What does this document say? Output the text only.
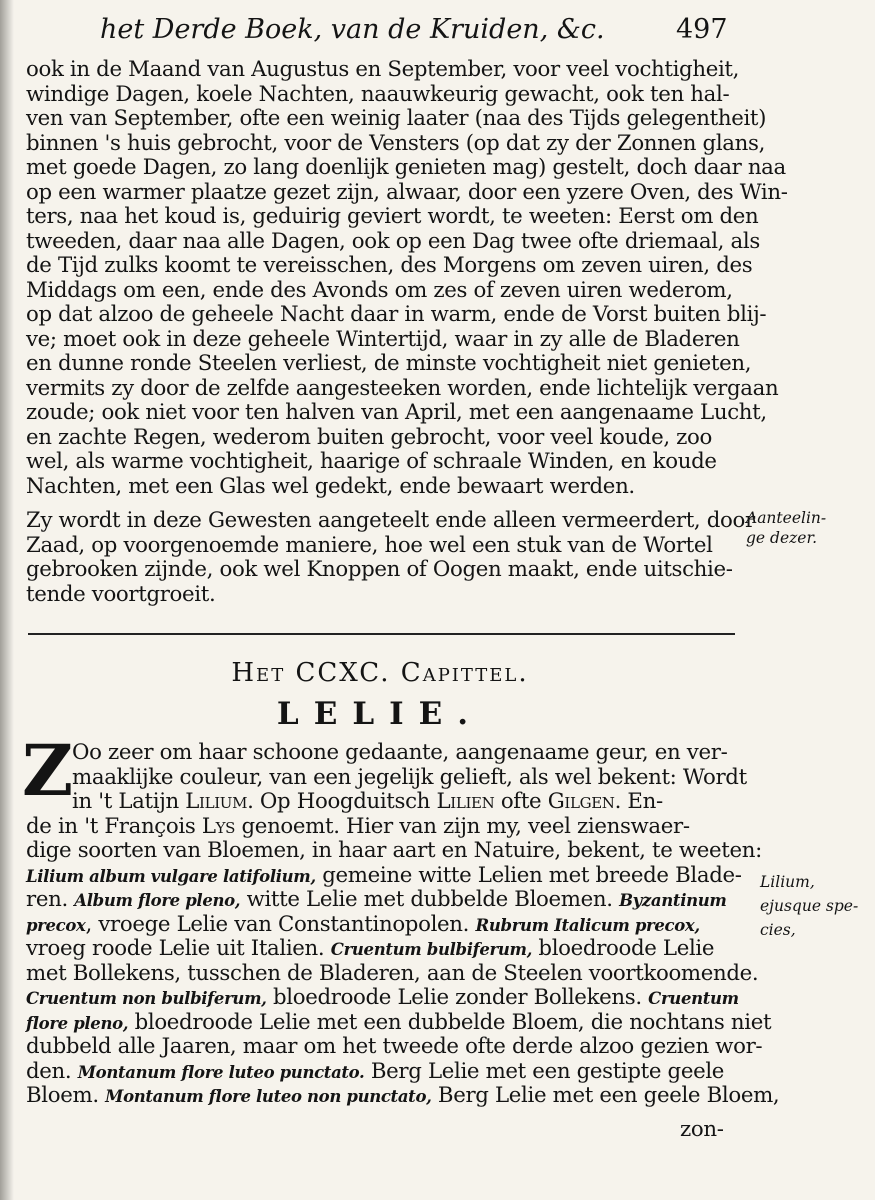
het Derde Boek, van de Kruiden, &c.	497
ook in de Maand van Augustus en September, voor veel vochtigheit,
windige Dagen, koele Nachten, naauwkeurig gewacht, ook ten hal-
ven van September, ofte een weinig laater (naa des Tijds gelegentheit)
binnen 's huis gebrocht, voor de Vensters (op dat zy der Zonnen glans,
met goede Dagen, zo lang doenlijk genieten mag) gestelt, doch daar naa
op een warmer plaatze gezet zijn, alwaar, door een yzere Oven, des Win-
ters, naa het koud is, geduirig geviert wordt, te weeten: Eerst om den
tweeden, daar naa alle Dagen, ook op een Dag twee ofte driemaal, als
de Tijd zulks koomt te vereisschen, des Morgens om zeven uiren, des
Middags om een, ende des Avonds om zes of zeven uiren wederom,
op dat alzoo de geheele Nacht daar in warm, ende de Vorst buiten blij-
ve; moet ook in deze geheele Wintertijd, waar in zy alle de Bladeren
en dunne ronde Steelen verliest, de minste vochtigheit niet genieten,
vermits zy door de zelfde aangesteeken worden, ende lichtelijk vergaan
zoude; ook niet voor ten halven van April, met een aangenaame Lucht,
en zachte Regen, wederom buiten gebrocht, voor veel koude, zoo
wel, als warme vochtigheit, haarige of schraale Winden, en koude
Nachten, met een Glas wel gedekt, ende bewaart werden.
Zy wordt in deze Gewesten aangeteelt ende alleen vermeerdert, door
Zaad, op voorgenoemde maniere, hoe wel een stuk van de Wortel
gebrooken zijnde, ook wel Knoppen of Oogen maakt, ende uitschie-
tende voortgroeit.
Aanteelin-
ge dezer.
Het CCXC. Capittel.
LELIE.
Z
Oo zeer om haar schoone gedaante, aangenaame geur, en ver-
maaklijke couleur, van een jegelijk gelieft, als wel bekent: Wordt
in 't Latijn Lilium. Op Hoogduitsch Lilien ofte Gilgen. En-
de in 't François Lys genoemt. Hier van zijn my, veel zienswaer-
dige soorten van Bloemen, in haar aart en Natuire, bekent, te weeten:
Lilium album vulgare latifolium, gemeine witte Lelien met breede Blade-
ren. Album flore pleno, witte Lelie met dubbelde Bloemen. Byzantinum
precox, vroege Lelie van Constantinopolen. Rubrum Italicum precox,
vroeg roode Lelie uit Italien. Cruentum bulbiferum, bloedroode Lelie
met Bollekens, tusschen de Bladeren, aan de Steelen voortkoomende.
Cruentum non bulbiferum, bloedroode Lelie zonder Bollekens. Cruentum
flore pleno, bloedroode Lelie met een dubbelde Bloem, die nochtans niet
dubbeld alle Jaaren, maar om het tweede ofte derde alzoo gezien wor-
den. Montanum flore luteo punctato. Berg Lelie met een gestipte geele
Bloem. Montanum flore luteo non punctato, Berg Lelie met een geele Bloem,
Lilium,
ejusque spe-
cies,
zon-
